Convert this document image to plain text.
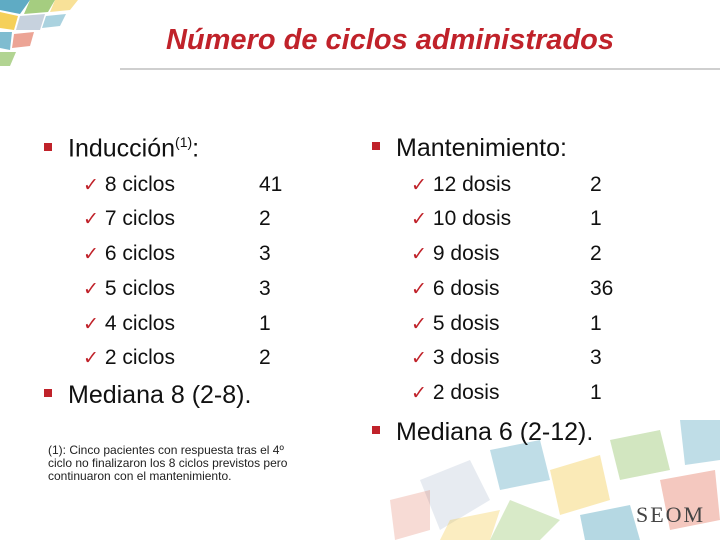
Número de ciclos administrados
Inducción$^{(1)}$:
✓ 8 ciclos	41
✓ 7 ciclos	2
✓ 6 ciclos	3
✓ 5 ciclos	3
✓ 4 ciclos	1
✓ 2 ciclos	2
Mediana 8 (2-8).
(1): Cinco pacientes con respuesta tras el 4º ciclo no finalizaron los 8 ciclos previstos pero continuaron con el mantenimiento.
Mantenimiento:
✓ 12 dosis	2
✓ 10 dosis	1
✓ 9 dosis	2
✓ 6 dosis	36
✓ 5 dosis	1
✓ 3 dosis	3
✓ 2 dosis	1
Mediana 6 (2-12).
SEOM
